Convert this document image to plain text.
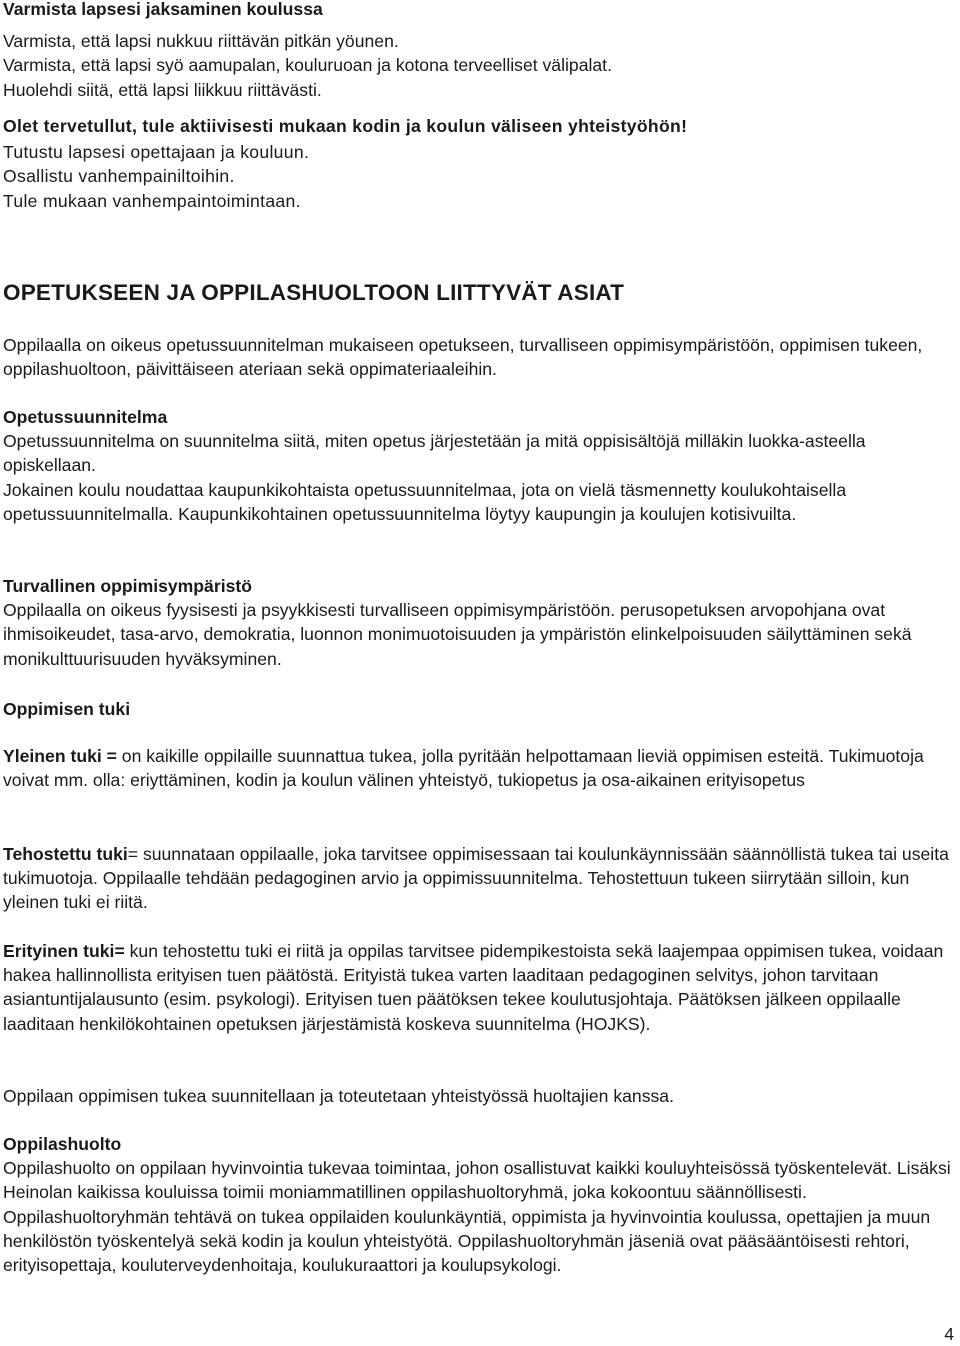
Varmista lapsesi jaksaminen koulussa

Varmista, että lapsi nukkuu riittävän pitkän yöunen.

Varmista, että lapsi syö aamupalan, kouluruoan ja kotona terveelliset välipalat.

Huolehdi siitä, että lapsi liikkuu riittävästi.

Olet tervetullut, tule aktiivisesti mukaan kodin ja koulun väliseen yhteistyöhön!

Tutustu lapsesi opettajaan ja kouluun.

Osallistu vanhempainiltoihin.

Tule mukaan vanhempaintoimintaan.

OPETUKSEEN JA OPPILASHUOLTOON LIITTYVÄT ASIAT

Oppilaalla on oikeus opetussuunnitelman mukaiseen opetukseen, turvalliseen oppimisympäristöön, oppimisen tukeen, oppilashuoltoon, päivittäiseen ateriaan sekä oppimateriaaleihin.

Opetussuunnitelma

Opetussuunnitelma on suunnitelma siitä, miten opetus järjestetään ja mitä oppisisältöjä milläkin luokka-asteella opiskellaan.

Jokainen koulu noudattaa kaupunkikohtaista opetussuunnitelmaa, jota on vielä täsmennetty koulukohtaisella opetussuunnitelmalla. Kaupunkikohtainen opetussuunnitelma löytyy kaupungin ja koulujen kotisivuilta.

Turvallinen oppimisympäristö

Oppilaalla on oikeus fyysisesti ja psyykkisesti turvalliseen oppimisympäristöön. perusopetuksen arvopohjana ovat ihmisoikeudet, tasa-arvo, demokratia, luonnon monimuotoisuuden ja ympäristön elinkelpoisuuden säilyttäminen sekä monikulttuurisuuden hyväksyminen.

Oppimisen tuki

Yleinen tuki = on kaikille oppilaille suunnattua tukea, jolla pyritään helpottamaan lieviä oppimisen esteitä. Tukimuotoja voivat mm. olla: eriyttäminen, kodin ja koulun välinen yhteistyö, tukiopetus ja osa-aikainen erityisopetus

Tehostettu tuki= suunnataan oppilaalle, joka tarvitsee oppimisessaan tai koulunkäynnissään säännöllistä tukea tai useita tukimuotoja. Oppilaalle tehdään pedagoginen arvio ja oppimissuunnitelma. Tehostettuun tukeen siirrytään silloin, kun yleinen tuki ei riitä.

Erityinen tuki= kun tehostettu tuki ei riitä ja oppilas tarvitsee pidempikestoista sekä laajempaa oppimisen tukea, voidaan hakea hallinnollista erityisen tuen päätöstä. Erityistä tukea varten laaditaan pedagoginen selvitys, johon tarvitaan asiantuntijalausunto (esim. psykologi). Erityisen tuen päätöksen tekee koulutusjohtaja. Päätöksen jälkeen oppilaalle laaditaan henkilökohtainen opetuksen järjestämistä koskeva suunnitelma (HOJKS).

Oppilaan oppimisen tukea suunnitellaan ja toteutetaan yhteistyössä huoltajien kanssa.

Oppilashuolto

Oppilashuolto on oppilaan hyvinvointia tukevaa toimintaa, johon osallistuvat kaikki kouluyhteisössä työskentelevät. Lisäksi Heinolan kaikissa kouluissa toimii moniammatillinen oppilashuoltoryhmä, joka kokoontuu säännöllisesti. Oppilashuoltoryhmän tehtävä on tukea oppilaiden koulunkäyntiä, oppimista ja hyvinvointia koulussa, opettajien ja muun henkilöstön työskentelyä sekä kodin ja koulun yhteistyötä. Oppilashuoltoryhmän jäseniä ovat pääsääntöisesti rehtori, erityisopettaja, kouluterveydenhoitaja, koulukuraattori ja koulupsykologi.

4
